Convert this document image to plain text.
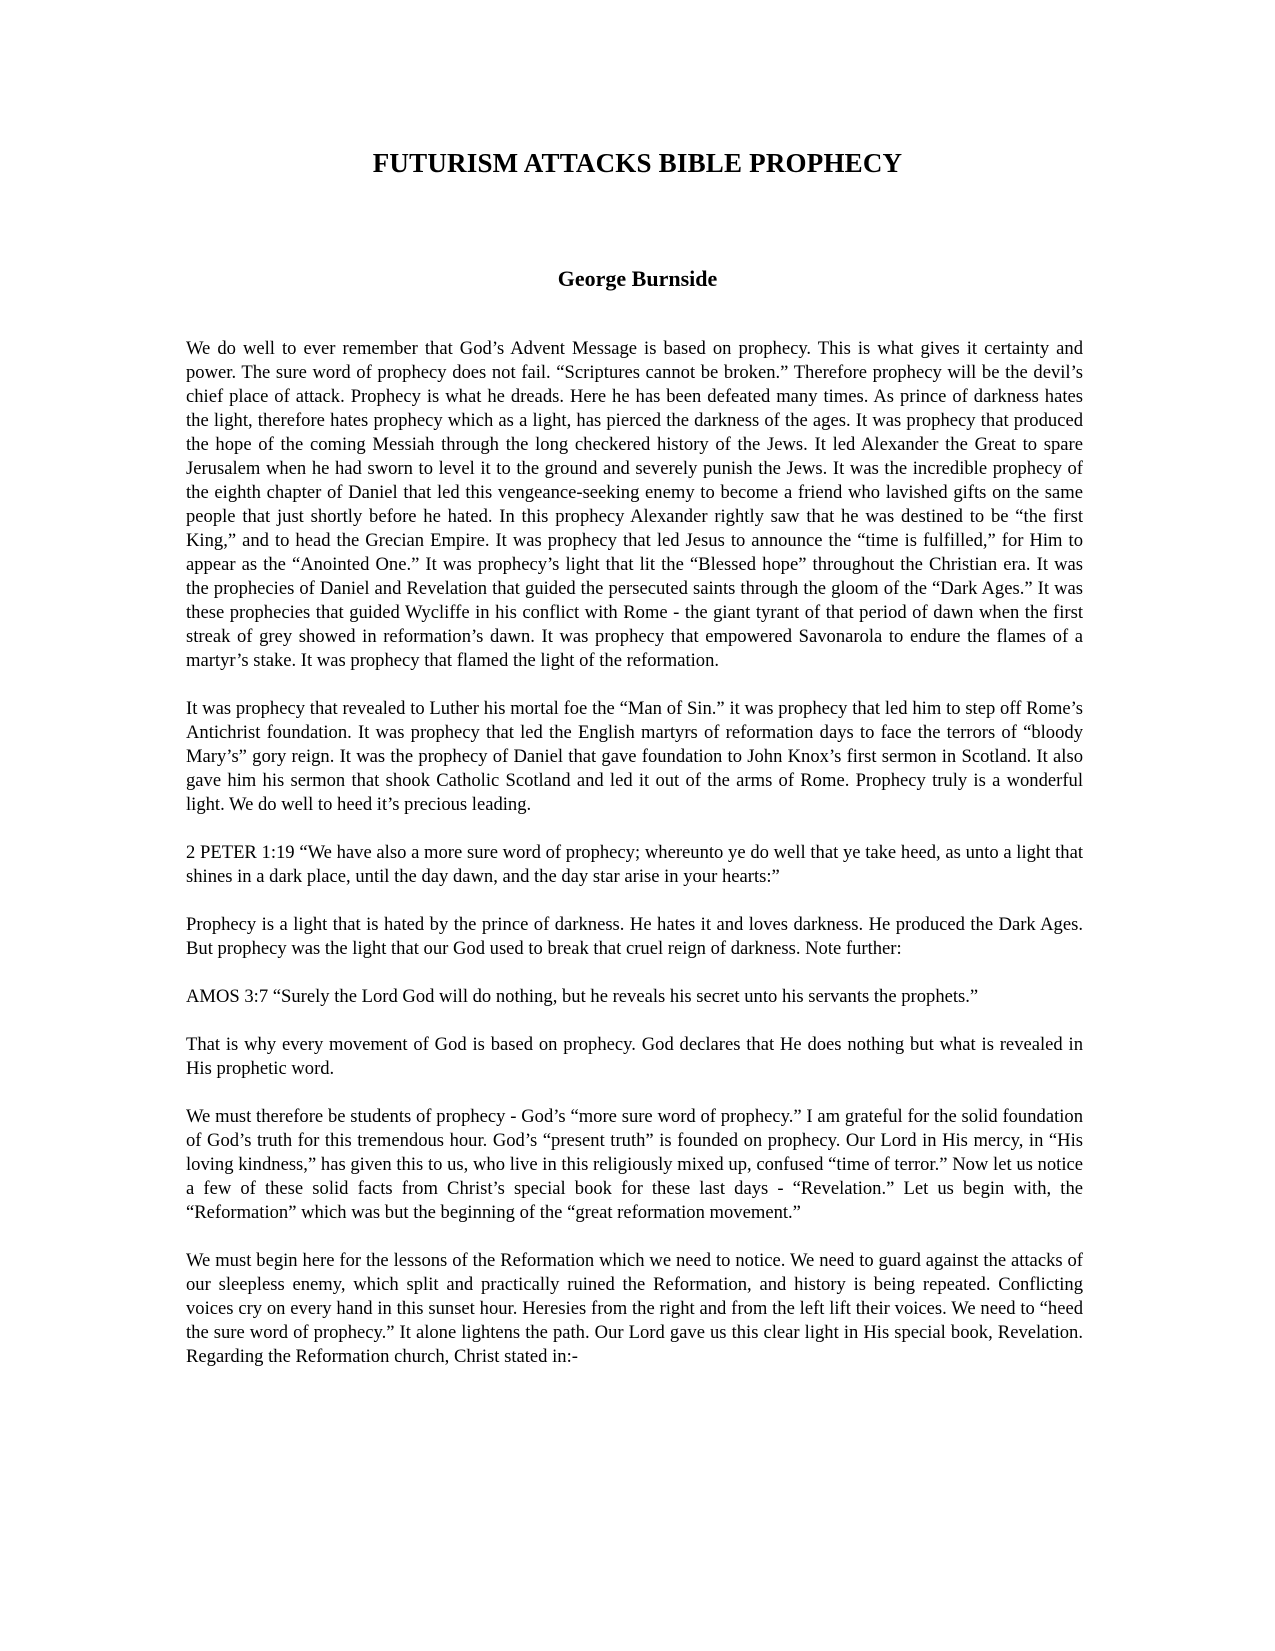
FUTURISM ATTACKS BIBLE PROPHECY
George Burnside

We do well to ever remember that God’s Advent Message is based on prophecy. This is what gives it certainty and power. The sure word of prophecy does not fail. “Scriptures cannot be broken.” Therefore prophecy will be the devil’s chief place of attack. Prophecy is what he dreads. Here he has been defeated many times. As prince of darkness hates the light, therefore hates prophecy which as a light, has pierced the darkness of the ages. It was prophecy that produced the hope of the coming Messiah through the long checkered history of the Jews. It led Alexander the Great to spare Jerusalem when he had sworn to level it to the ground and severely punish the Jews. It was the incredible prophecy of the eighth chapter of Daniel that led this vengeance-seeking enemy to become a friend who lavished gifts on the same people that just shortly before he hated. In this prophecy Alexander rightly saw that he was destined to be “the first King,” and to head the Grecian Empire. It was prophecy that led Jesus to announce the “time is fulfilled,” for Him to appear as the “Anointed One.” It was prophecy’s light that lit the “Blessed hope” throughout the Christian era. It was the prophecies of Daniel and Revelation that guided the persecuted saints through the gloom of the “Dark Ages.” It was these prophecies that guided Wycliffe in his conflict with Rome - the giant tyrant of that period of dawn when the first streak of grey showed in reformation’s dawn. It was prophecy that empowered Savonarola to endure the flames of a martyr’s stake. It was prophecy that flamed the light of the reformation.

It was prophecy that revealed to Luther his mortal foe the “Man of Sin.” it was prophecy that led him to step off Rome’s Antichrist foundation. It was prophecy that led the English martyrs of reformation days to face the terrors of “bloody Mary’s” gory reign. It was the prophecy of Daniel that gave foundation to John Knox’s first sermon in Scotland. It also gave him his sermon that shook Catholic Scotland and led it out of the arms of Rome. Prophecy truly is a wonderful light. We do well to heed it’s precious leading.

2 PETER 1:19 “We have also a more sure word of prophecy; whereunto ye do well that ye take heed, as unto a light that shines in a dark place, until the day dawn, and the day star arise in your hearts:”

Prophecy is a light that is hated by the prince of darkness. He hates it and loves darkness. He produced the Dark Ages. But prophecy was the light that our God used to break that cruel reign of darkness. Note further:

AMOS 3:7 “Surely the Lord God will do nothing, but he reveals his secret unto his servants the prophets.”

That is why every movement of God is based on prophecy. God declares that He does nothing but what is revealed in His prophetic word.

We must therefore be students of prophecy - God’s “more sure word of prophecy.” I am grateful for the solid foundation of God’s truth for this tremendous hour. God’s “present truth” is founded on prophecy. Our Lord in His mercy, in “His loving kindness,” has given this to us, who live in this religiously mixed up, confused “time of terror.” Now let us notice a few of these solid facts from Christ’s special book for these last days - “Revelation.” Let us begin with, the “Reformation” which was but the beginning of the “great reformation movement.”

We must begin here for the lessons of the Reformation which we need to notice. We need to guard against the attacks of our sleepless enemy, which split and practically ruined the Reformation, and history is being repeated. Conflicting voices cry on every hand in this sunset hour. Heresies from the right and from the left lift their voices. We need to “heed the sure word of prophecy.” It alone lightens the path. Our Lord gave us this clear light in His special book, Revelation. Regarding the Reformation church, Christ stated in:-
